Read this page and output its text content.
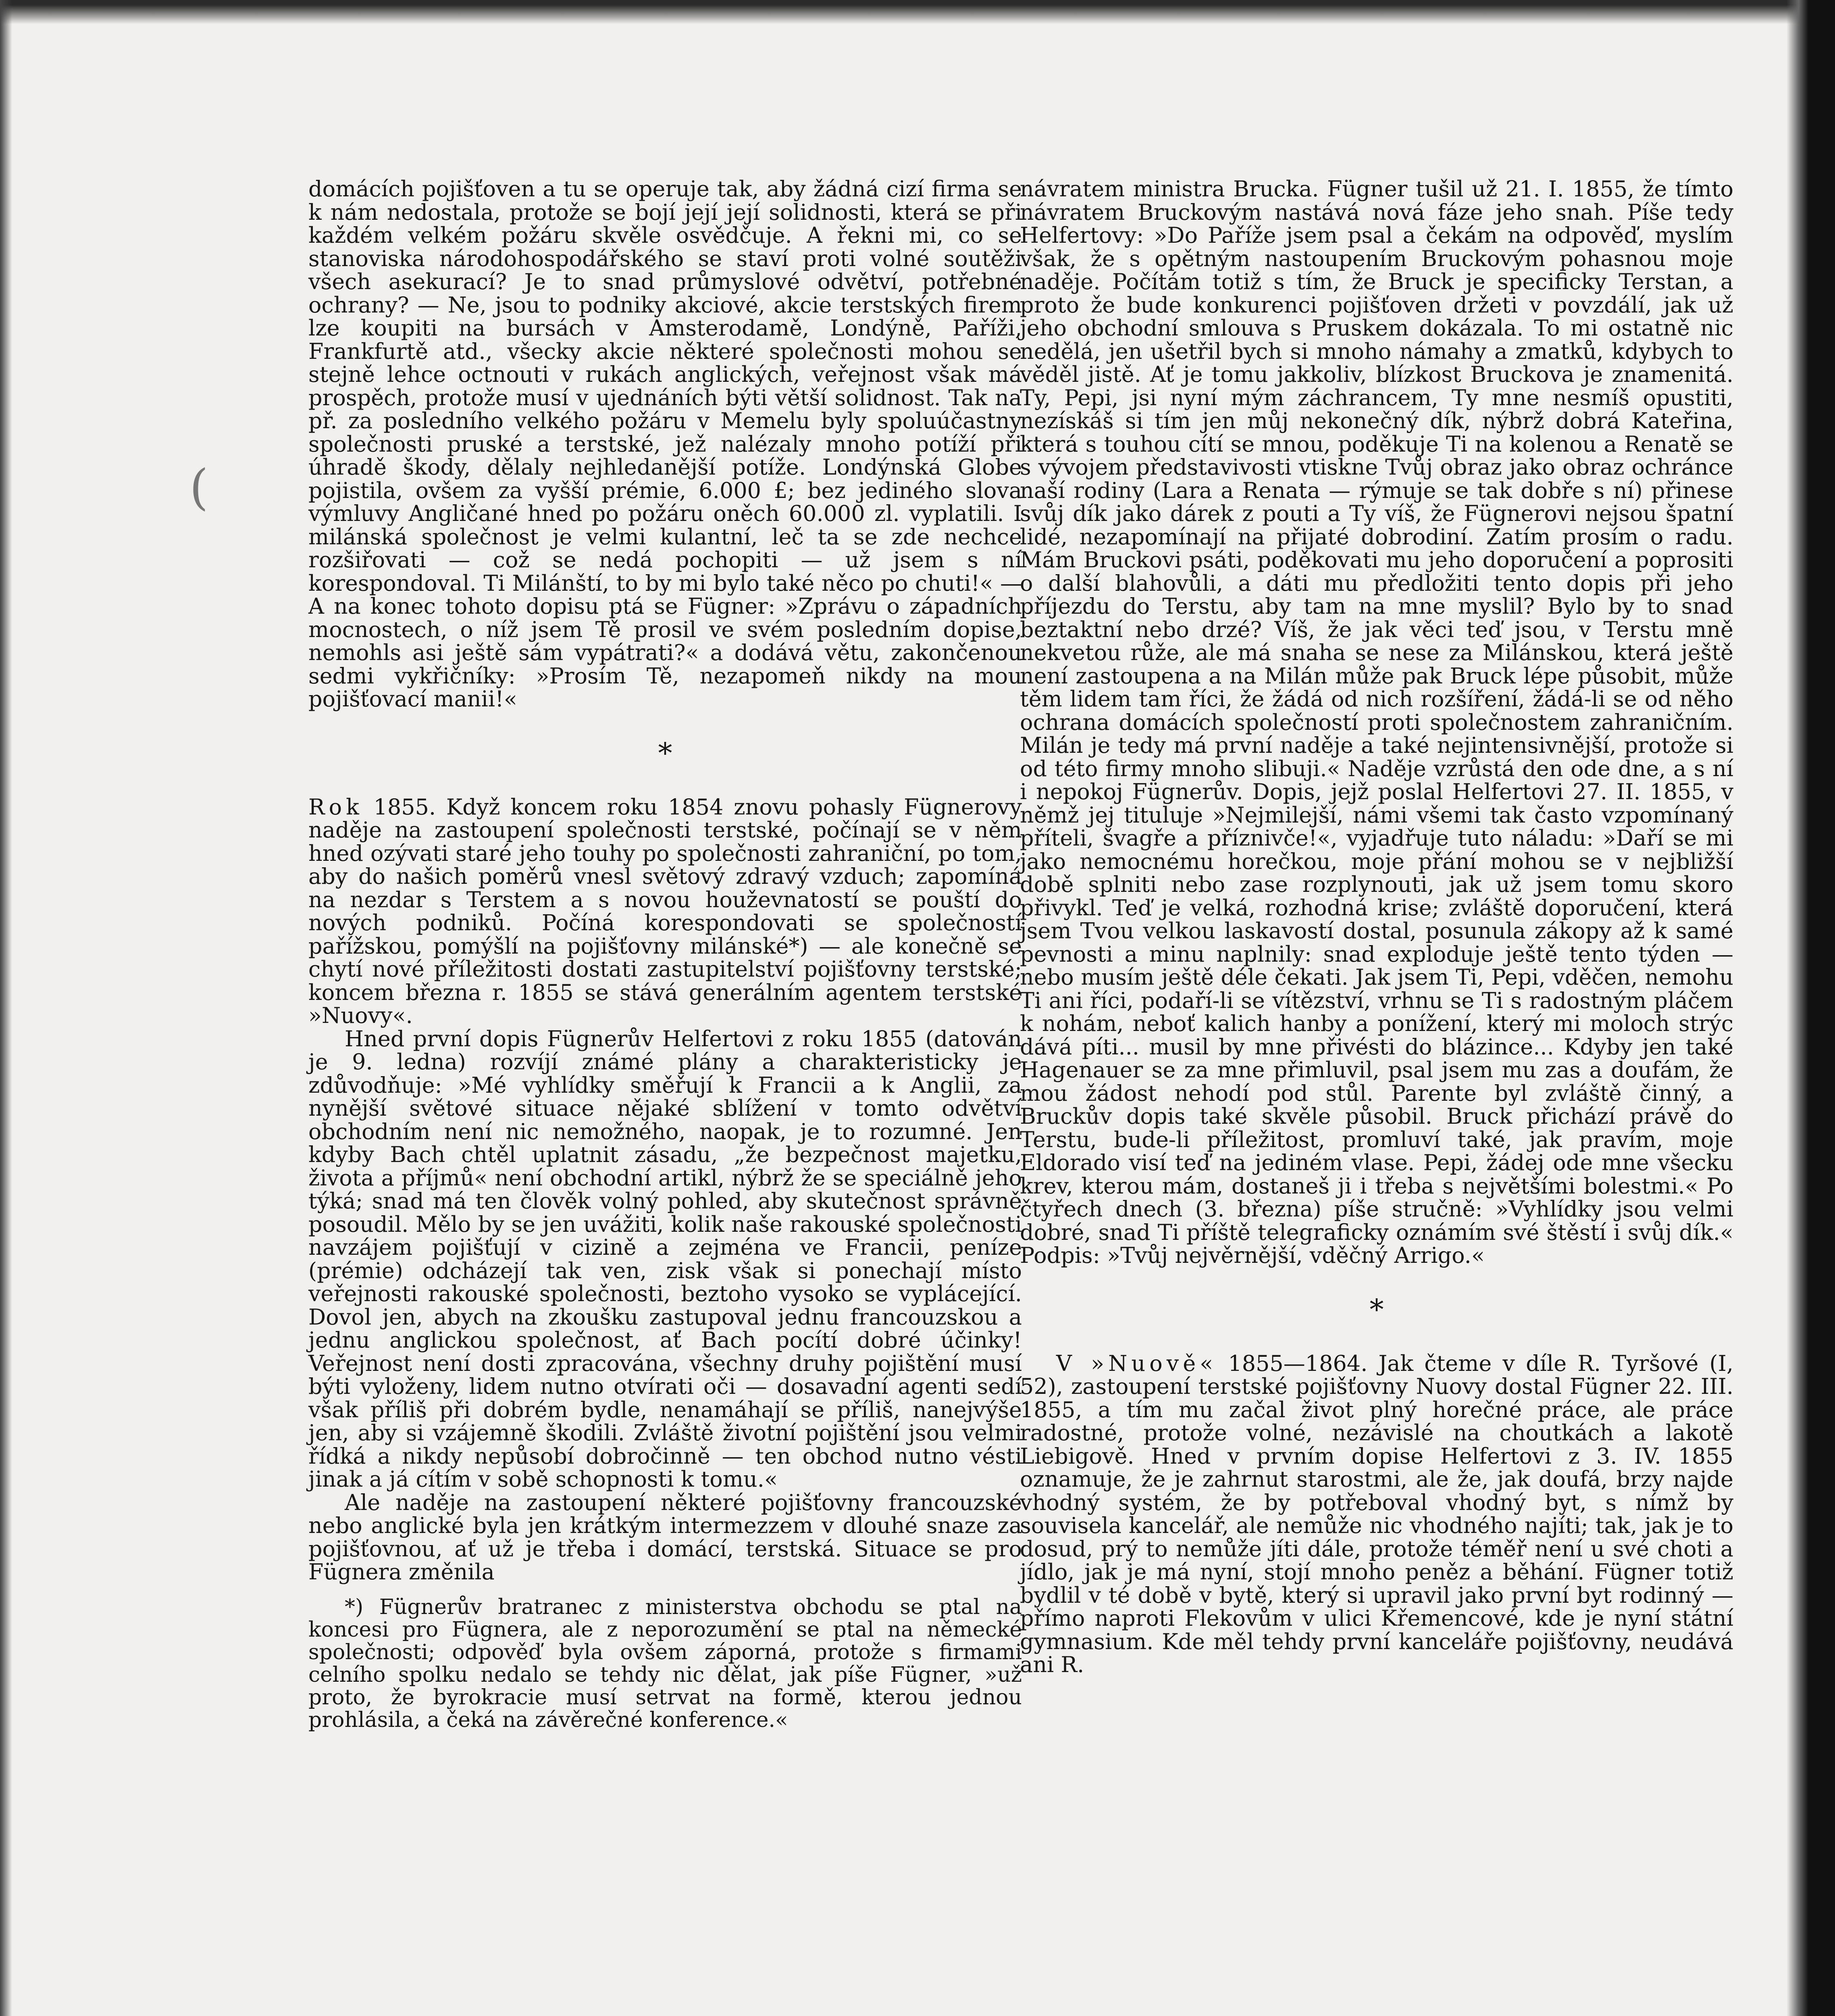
(

domácích pojišťoven a tu se operuje tak, aby žádná cizí firma se k nám nedostala, protože se bojí její její solidnosti, která se při každém velkém požáru skvěle osvědčuje. A řekni mi, co se stanoviska národohospodářského se staví proti volné soutěži všech asekurací? Je to snad průmyslové odvětví, potřebné ochrany? — Ne, jsou to podniky akciové, akcie terstských firem lze koupiti na bursách v Amsterodamě, Londýně, Paříži, Frankfurtě atd., všecky akcie některé společnosti mohou se stejně lehce octnouti v rukách anglických, veřejnost však má prospěch, protože musí v ujednáních býti větší solidnost. Tak na př. za posledního velkého požáru v Memelu byly spoluúčastny společnosti pruské a terstské, jež nalézaly mnoho potíží při úhradě škody, dělaly nejhledanější potíže. Londýnská Globe pojistila, ovšem za vyšší prémie, 6.000 £; bez jediného slova výmluvy Angličané hned po požáru oněch 60.000 zl. vyplatili. I milánská společnost je velmi kulantní, leč ta se zde nechce rozšiřovati — což se nedá pochopiti — už jsem s ní korespondoval. Ti Milánští, to by mi bylo také něco po chuti!« — A na konec tohoto dopisu ptá se Fügner: »Zprávu o západních mocnostech, o níž jsem Tě prosil ve svém posledním dopise, nemohls asi ještě sám vypátrati?« a dodává větu, zakončenou sedmi vykřičníky: »Prosím Tě, nezapomeň nikdy na mou pojišťovací manii!«

*

Rok 1855. Když koncem roku 1854 znovu pohasly Fügnerovy naděje na zastoupení společnosti terstské, počínají se v něm hned ozývati staré jeho touhy po společnosti zahraniční, po tom, aby do našich poměrů vnesl světový zdravý vzduch; zapomíná na nezdar s Terstem a s novou houževnatostí se pouští do nových podniků. Počíná korespondovati se společností pařížskou, pomýšlí na pojišťovny milánské*) — ale konečně se chytí nové příležitosti dostati zastupitelství pojišťovny terstské; koncem března r. 1855 se stává generálním agentem terstské »Nuovy«.

Hned první dopis Fügnerův Helfertovi z roku 1855 (datován je 9. ledna) rozvíjí známé plány a charakteristicky je zdůvodňuje: »Mé vyhlídky směřují k Francii a k Anglii, za nynější světové situace nějaké sblížení v tomto odvětví obchodním není nic nemožného, naopak, je to rozumné. Jen kdyby Bach chtěl uplatnit zásadu, „že bezpečnost majetku, života a příjmů« není obchodní artikl, nýbrž že se speciálně jeho týká; snad má ten člověk volný pohled, aby skutečnost správně posoudil. Mělo by se jen uvážiti, kolik naše rakouské společnosti navzájem pojišťují v cizině a zejména ve Francii, peníze (prémie) odcházejí tak ven, zisk však si ponechají místo veřejnosti rakouské společnosti, beztoho vysoko se vyplácející. Dovol jen, abych na zkoušku zastupoval jednu francouzskou a jednu anglickou společnost, ať Bach pocítí dobré účinky! Veřejnost není dosti zpracována, všechny druhy pojištění musí býti vyloženy, lidem nutno otvírati oči — dosavadní agenti sedí však příliš při dobrém bydle, nenamáhají se příliš, nanejvýše jen, aby si vzájemně škodili. Zvláště životní pojištění jsou velmi řídká a nikdy nepůsobí dobročinně — ten obchod nutno vésti jinak a já cítím v sobě schopnosti k tomu.«

Ale naděje na zastoupení některé pojišťovny francouzské nebo anglické byla jen krátkým intermezzem v dlouhé snaze za pojišťovnou, ať už je třeba i domácí, terstská. Situace se pro Fügnera změnila

*) Fügnerův bratranec z ministerstva obchodu se ptal na koncesi pro Fügnera, ale z neporozumění se ptal na německé společnosti; odpověď byla ovšem záporná, protože s firmami celního spolku nedalo se tehdy nic dělat, jak píše Fügner, »už proto, že byrokracie musí setrvat na formě, kterou jednou prohlásila, a čeká na závěrečné konference.«

návratem ministra Brucka. Fügner tušil už 21. I. 1855, že tímto návratem Bruckovým nastává nová fáze jeho snah. Píše tedy Helfertovy: »Do Paříže jsem psal a čekám na odpověď, myslím však, že s opětným nastoupením Bruckovým pohasnou moje naděje. Počítám totiž s tím, že Bruck je specificky Terstan, a proto že bude konkurenci pojišťoven držeti v povzdálí, jak už jeho obchodní smlouva s Pruskem dokázala. To mi ostatně nic nedělá, jen ušetřil bych si mnoho námahy a zmatků, kdybych to věděl jistě. Ať je tomu jakkoliv, blízkost Bruckova je znamenitá. Ty, Pepi, jsi nyní mým záchrancem, Ty mne nesmíš opustiti, nezískáš si tím jen můj nekonečný dík, nýbrž dobrá Kateřina, která s touhou cítí se mnou, poděkuje Ti na kolenou a Renatě se s vývojem představivosti vtiskne Tvůj obraz jako obraz ochránce naší rodiny (Lara a Renata — rýmuje se tak dobře s ní) přinese svůj dík jako dárek z pouti a Ty víš, že Fügnerovi nejsou špatní lidé, nezapomínají na přijaté dobrodiní. Zatím prosím o radu. Mám Bruckovi psáti, poděkovati mu jeho doporučení a poprositi o další blahovůli, a dáti mu předložiti tento dopis při jeho příjezdu do Terstu, aby tam na mne myslil? Bylo by to snad beztaktní nebo drzé? Víš, že jak věci teď jsou, v Terstu mně nekvetou růže, ale má snaha se nese za Milánskou, která ještě není zastoupena a na Milán může pak Bruck lépe působit, může těm lidem tam říci, že žádá od nich rozšíření, žádá-li se od něho ochrana domácích společností proti společnostem zahraničním. Milán je tedy má první naděje a také nejintensivnější, protože si od této firmy mnoho slibuji.« Naděje vzrůstá den ode dne, a s ní i nepokoj Fügnerův. Dopis, jejž poslal Helfertovi 27. II. 1855, v němž jej tituluje »Nejmilejší, námi všemi tak často vzpomínaný příteli, švagře a příznivče!«, vyjadřuje tuto náladu: »Daří se mi jako nemocnému horečkou, moje přání mohou se v nejbližší době splniti nebo zase rozplynouti, jak už jsem tomu skoro přivykl. Teď je velká, rozhodná krise; zvláště doporučení, která jsem Tvou velkou laskavostí dostal, posunula zákopy až k samé pevnosti a minu naplnily: snad exploduje ještě tento týden — nebo musím ještě déle čekati. Jak jsem Ti, Pepi, vděčen, nemohu Ti ani říci, podaří-li se vítězství, vrhnu se Ti s radostným pláčem k nohám, neboť kalich hanby a ponížení, který mi moloch strýc dává píti... musil by mne přivésti do blázince... Kdyby jen také Hagenauer se za mne přimluvil, psal jsem mu zas a doufám, že mou žádost nehodí pod stůl. Parente byl zvláště činný, a Bruckův dopis také skvěle působil. Bruck přichází právě do Terstu, bude-li příležitost, promluví také, jak pravím, moje Eldorado visí teď na jediném vlase. Pepi, žádej ode mne všecku krev, kterou mám, dostaneš ji i třeba s největšími bolestmi.« Po čtyřech dnech (3. března) píše stručně: »Vyhlídky jsou velmi dobré, snad Ti příště telegraficky oznámím své štěstí i svůj dík.« Podpis: »Tvůj nejvěrnější, vděčný Arrigo.«

*

V »Nuově« 1855—1864. Jak čteme v díle R. Tyršové (I, 52), zastoupení terstské pojišťovny Nuovy dostal Fügner 22. III. 1855, a tím mu začal život plný horečné práce, ale práce radostné, protože volné, nezávislé na choutkách a lakotě Liebigově. Hned v prvním dopise Helfertovi z 3. IV. 1855 oznamuje, že je zahrnut starostmi, ale že, jak doufá, brzy najde vhodný systém, že by potřeboval vhodný byt, s nímž by souvisela kancelář, ale nemůže nic vhodného najíti; tak, jak je to dosud, prý to nemůže jíti dále, protože téměř není u své choti a jídlo, jak je má nyní, stojí mnoho peněz a běhání. Fügner totiž bydlil v té době v bytě, který si upravil jako první byt rodinný — přímo naproti Flekovům v ulici Křemencové, kde je nyní státní gymnasium. Kde měl tehdy první kanceláře pojišťovny, neudává ani R.
